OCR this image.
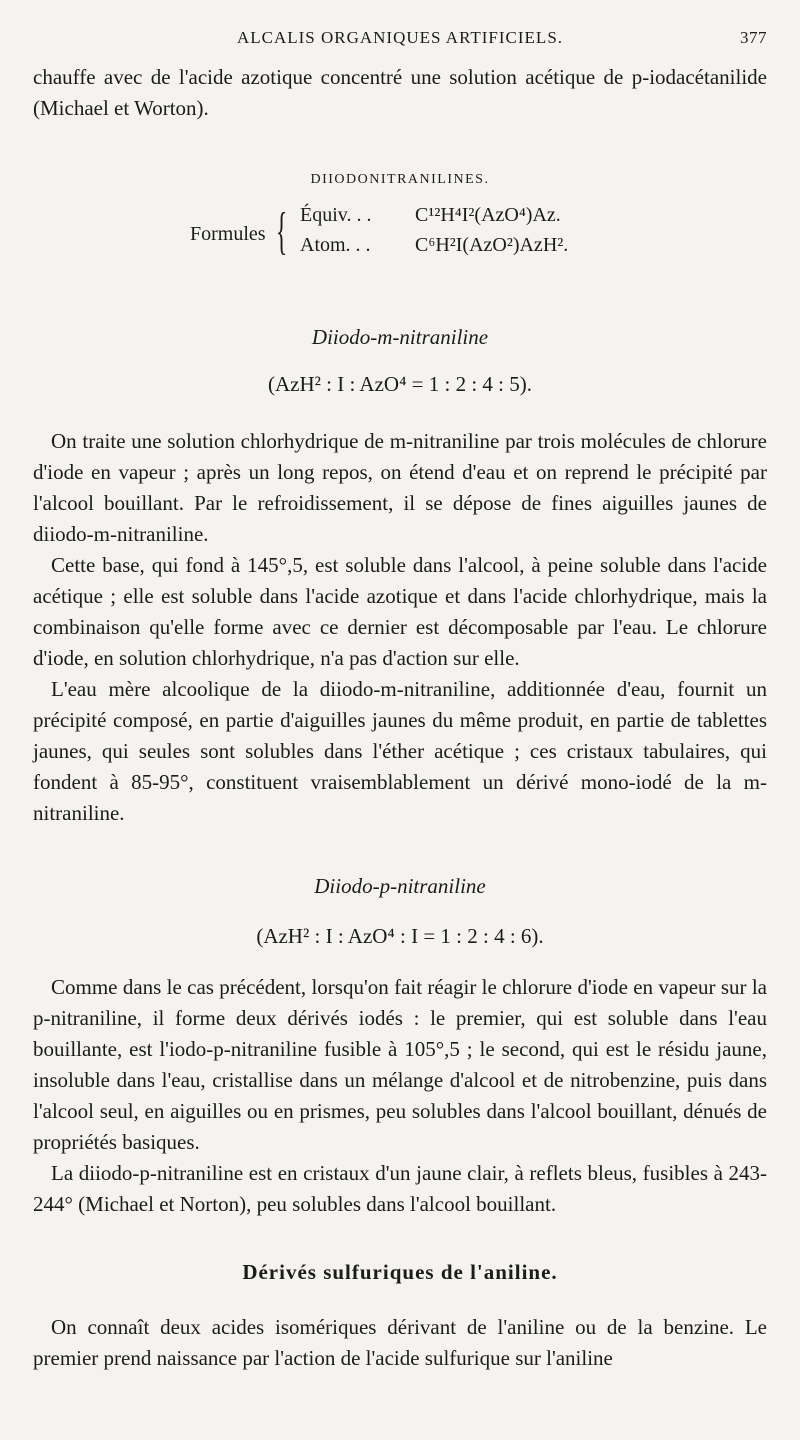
ALCALIS ORGANIQUES ARTIFICIELS.	377

chauffe avec de l'acide azotique concentré une solution acétique de p-iodacétanilide (Michael et Worton).

DIIODONITRANILINES.
Formules { Équiv. . . C¹²H⁴I²(AzO⁴)Az.
Atom. . . C⁶H²I(AzO²)AzH².
Diiodo-m-nitraniline
(AzH² : I : AzO⁴ = 1 : 2 : 4 : 5).

On traite une solution chlorhydrique de m-nitraniline par trois molécules de chlorure d'iode en vapeur ; après un long repos, on étend d'eau et on reprend le précipité par l'alcool bouillant. Par le refroidissement, il se dépose de fines aiguilles jaunes de diiodo-m-nitraniline.

Cette base, qui fond à 145°,5, est soluble dans l'alcool, à peine soluble dans l'acide acétique ; elle est soluble dans l'acide azotique et dans l'acide chlorhydrique, mais la combinaison qu'elle forme avec ce dernier est décomposable par l'eau. Le chlorure d'iode, en solution chlorhydrique, n'a pas d'action sur elle.

L'eau mère alcoolique de la diiodo-m-nitraniline, additionnée d'eau, fournit un précipité composé, en partie d'aiguilles jaunes du même produit, en partie de tablettes jaunes, qui seules sont solubles dans l'éther acétique ; ces cristaux tabulaires, qui fondent à 85-95°, constituent vraisemblablement un dérivé mono-iodé de la m-nitraniline.

Diiodo-p-nitraniline
(AzH² : I : AzO⁴ : I = 1 : 2 : 4 : 6).

Comme dans le cas précédent, lorsqu'on fait réagir le chlorure d'iode en vapeur sur la p-nitraniline, il forme deux dérivés iodés : le premier, qui est soluble dans l'eau bouillante, est l'iodo-p-nitraniline fusible à 105°,5 ; le second, qui est le résidu jaune, insoluble dans l'eau, cristallise dans un mélange d'alcool et de nitrobenzine, puis dans l'alcool seul, en aiguilles ou en prismes, peu solubles dans l'alcool bouillant, dénués de propriétés basiques.

La diiodo-p-nitraniline est en cristaux d'un jaune clair, à reflets bleus, fusibles à 243-244° (Michael et Norton), peu solubles dans l'alcool bouillant.

Dérivés sulfuriques de l'aniline.

On connaît deux acides isomériques dérivant de l'aniline ou de la benzine. Le premier prend naissance par l'action de l'acide sulfurique sur l'aniline
